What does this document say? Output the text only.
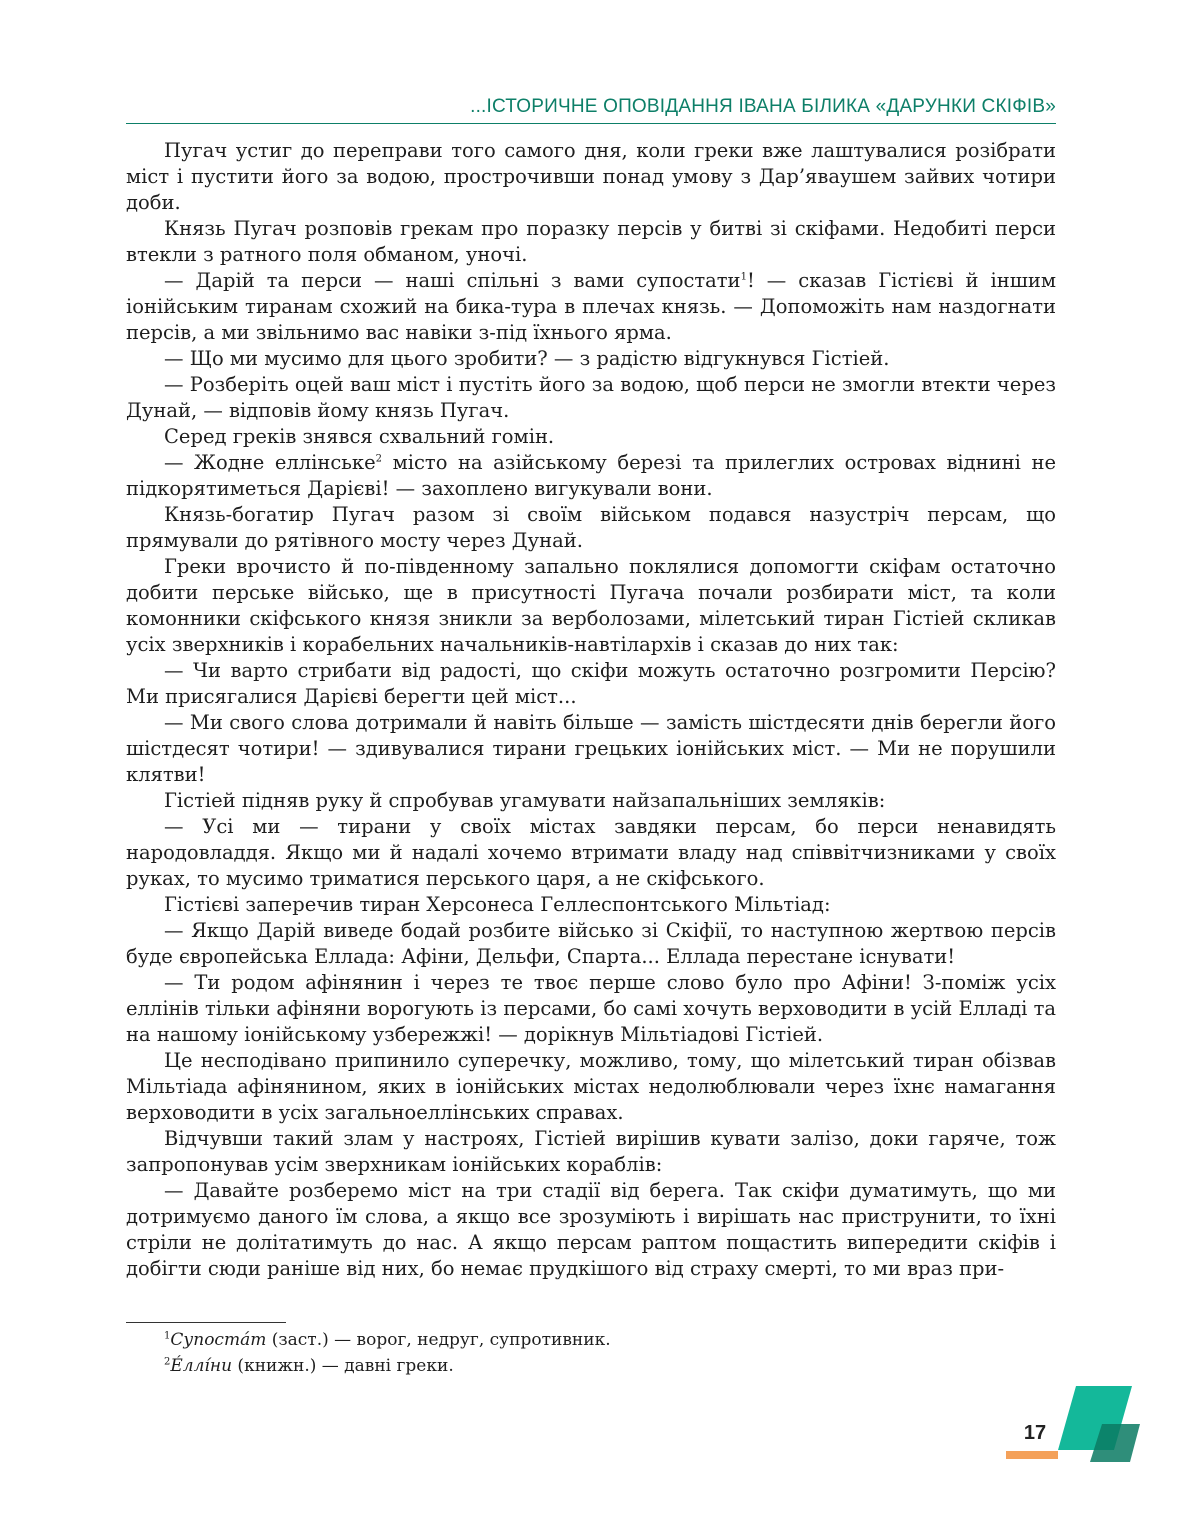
...ІСТОРИЧНЕ ОПОВІДАННЯ ІВАНА БІЛИКА «ДАРУНКИ СКІФІВ»

Пугач устиг до переправи того самого дня, коли греки вже лаштувалися розібрати міст і пустити його за водою, прострочивши понад умову з Дар’яваушем зайвих чотири доби.

Князь Пугач розповів грекам про поразку персів у битві зі скіфами. Недобиті перси втекли з ратного поля обманом, уночі.

— Дарій та перси — наші спільні з вами супостати$^1$! — сказав Гістієві й іншим іонійським тиранам схожий на бика-тура в плечах князь. — Допоможіть нам наздогнати персів, а ми звільнимо вас навіки з-під їхнього ярма.

— Що ми мусимо для цього зробити? — з радістю відгукнувся Гістіей.

— Розберіть оцей ваш міст і пустіть його за водою, щоб перси не змогли втекти через Дунай, — відповів йому князь Пугач.

Серед греків знявся схвальний гомін.

— Жодне еллінське$^2$ місто на азійському березі та прилеглих островах віднині не підкорятиметься Дарієві! — захоплено вигукували вони.

Князь-богатир Пугач разом зі своїм військом подався назустріч персам, що прямували до рятівного мосту через Дунай.

Греки врочисто й по-південному запально поклялися допомогти скіфам остаточно добити перське військо, ще в присутності Пугача почали розбирати міст, та коли комонники скіфського князя зникли за верболозами, мілетський тиран Гістіей скликав усіх зверхників і корабельних начальників-навтілархів і сказав до них так:

— Чи варто стрибати від радості, що скіфи можуть остаточно розгромити Персію? Ми присягалися Дарієві берегти цей міст...

— Ми свого слова дотримали й навіть більше — замість шістдесяти днів берегли його шістдесят чотири! — здивувалися тирани грецьких іонійських міст. — Ми не порушили клятви!

Гістіей підняв руку й спробував угамувати найзапальніших земляків:

— Усі ми — тирани у своїх містах завдяки персам, бо перси ненавидять народовладдя. Якщо ми й надалі хочемо втримати владу над співвітчизниками у своїх руках, то мусимо триматися перського царя, а не скіфського.

Гістієві заперечив тиран Херсонеса Геллеспонтського Мільтіад:

— Якщо Дарій виведе бодай розбите військо зі Скіфії, то наступною жертвою персів буде європейська Еллада: Афіни, Дельфи, Спарта... Еллада перестане існувати!

— Ти родом афінянин і через те твоє перше слово було про Афіни! З-поміж усіх еллінів тільки афіняни ворогують із персами, бо самі хочуть верховодити в усій Елладі та на нашому іонійському узбережжі! — дорікнув Мільтіадові Гістіей.

Це несподівано припинило суперечку, можливо, тому, що мілетський тиран обізвав Мільтіада афінянином, яких в іонійських містах недолюблювали через їхнє намагання верховодити в усіх загальноеллінських справах.

Відчувши такий злам у настроях, Гістіей вирішив кувати залізо, доки гаряче, тож запропонував усім зверхникам іонійських кораблів:

— Давайте розберемо міст на три стадії від берега. Так скіфи думатимуть, що ми дотримуємо даного їм слова, а якщо все зрозуміють і вирішать нас приструнити, то їхні стріли не долітатимуть до нас. А якщо персам раптом пощастить випередити скіфів і добігти сюди раніше від них, бо немає прудкішого від страху смерті, то ми враз при-

$^1$Супостáт (заст.) — ворог, недруг, супротивник.
$^2$Éллíни (книжн.) — давні греки.
17
